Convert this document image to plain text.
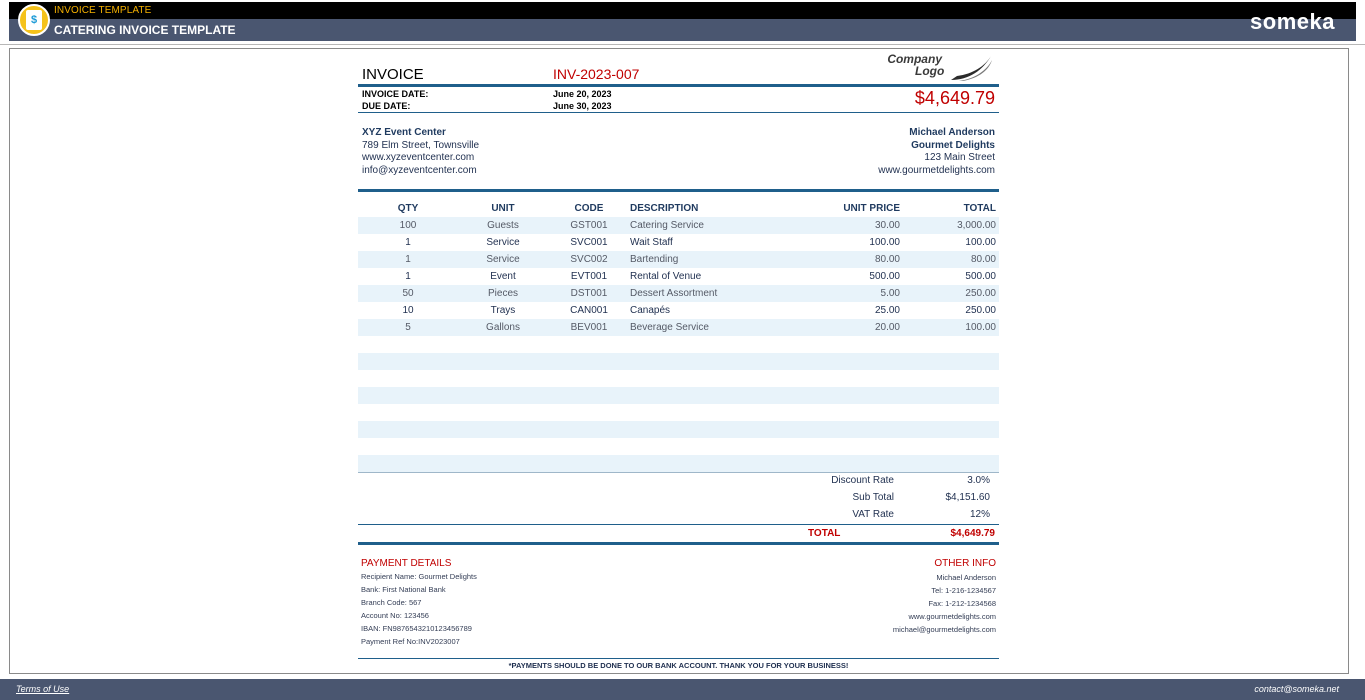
$
INVOICE TEMPLATE
CATERING INVOICE TEMPLATE	someka
INVOICE	INV-2023-007
Company
Logo
INVOICE DATE:	June 20, 2023
DUE DATE:	June 30, 2023	$4,649.79
XYZ Event Center
789 Elm Street, Townsville
www.xyzeventcenter.com
info@xyzeventcenter.com
Michael Anderson
Gourmet Delights
123 Main Street
www.gourmetdelights.com
QTY	UNIT	CODE	DESCRIPTION	UNIT PRICE	TOTAL
100	Guests	GST001	Catering Service	30.00	3,000.00
1	Service	SVC001	Wait Staff	100.00	100.00
1	Service	SVC002	Bartending	80.00	80.00
1	Event	EVT001	Rental of Venue	500.00	500.00
50	Pieces	DST001	Dessert Assortment	5.00	250.00
10	Trays	CAN001	Canapés	25.00	250.00
5	Gallons	BEV001	Beverage Service	20.00	100.00
Discount Rate	3.0%
Sub Total	$4,151.60
VAT Rate	12%
TOTAL	$4,649.79
PAYMENT DETAILS
Recipient Name: Gourmet Delights
Bank: First National Bank
Branch Code: 567
Account No: 123456
IBAN: FN9876543210123456789
Payment Ref No:INV2023007
OTHER INFO
Michael Anderson
Tel: 1-216-1234567
Fax: 1-212-1234568
www.gourmetdelights.com
michael@gourmetdelights.com
*PAYMENTS SHOULD BE DONE TO OUR BANK ACCOUNT. THANK YOU FOR YOUR BUSINESS!
Terms of Use	contact@someka.net
